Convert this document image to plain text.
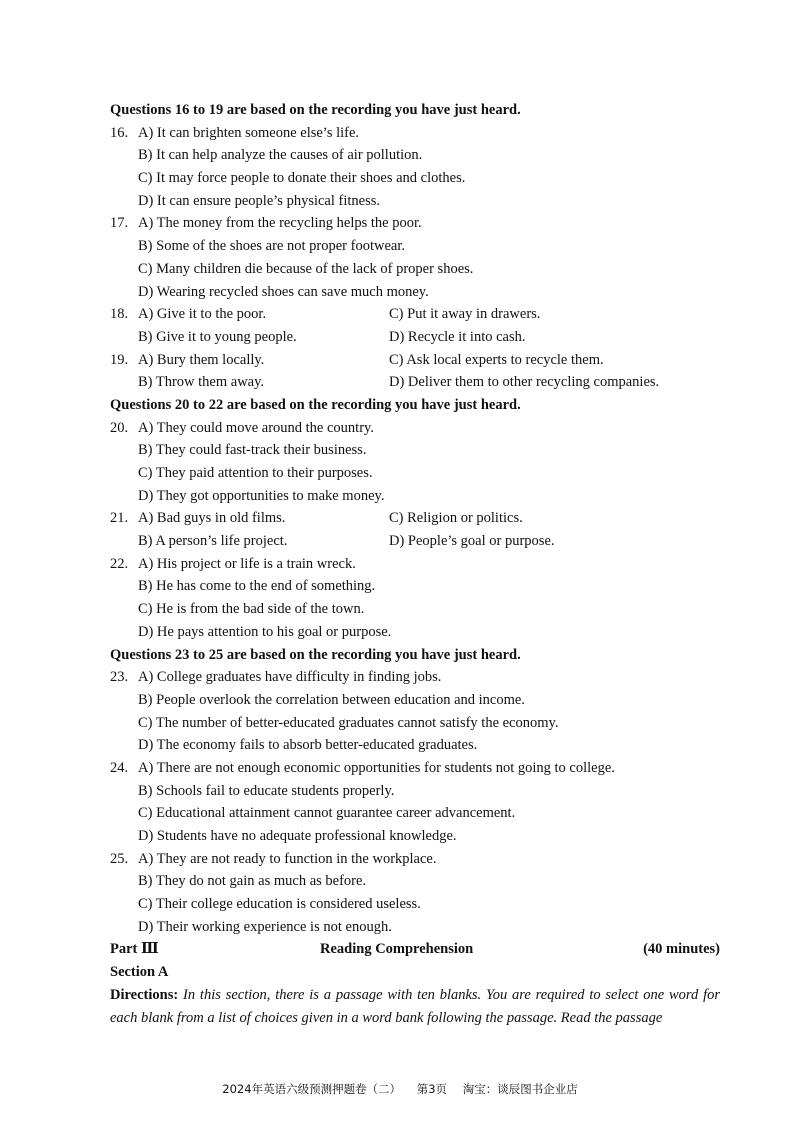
Questions 16 to 19 are based on the recording you have just heard.
16. A) It can brighten someone else’s life.
B) It can help analyze the causes of air pollution.
C) It may force people to donate their shoes and clothes.
D) It can ensure people’s physical fitness.
17. A) The money from the recycling helps the poor.
B) Some of the shoes are not proper footwear.
C) Many children die because of the lack of proper shoes.
D) Wearing recycled shoes can save much money.
18. A) Give it to the poor.	C) Put it away in drawers.
B) Give it to young people.	D) Recycle it into cash.
19. A) Bury them locally.	C) Ask local experts to recycle them.
B) Throw them away.	D) Deliver them to other recycling companies.
Questions 20 to 22 are based on the recording you have just heard.
20. A) They could move around the country.
B) They could fast-track their business.
C) They paid attention to their purposes.
D) They got opportunities to make money.
21. A) Bad guys in old films.	C) Religion or politics.
B) A person’s life project.	D) People’s goal or purpose.
22. A) His project or life is a train wreck.
B) He has come to the end of something.
C) He is from the bad side of the town.
D) He pays attention to his goal or purpose.
Questions 23 to 25 are based on the recording you have just heard.
23. A) College graduates have difficulty in finding jobs.
B) People overlook the correlation between education and income.
C) The number of better-educated graduates cannot satisfy the economy.
D) The economy fails to absorb better-educated graduates.
24. A) There are not enough economic opportunities for students not going to college.
B) Schools fail to educate students properly.
C) Educational attainment cannot guarantee career advancement.
D) Students have no adequate professional knowledge.
25. A) They are not ready to function in the workplace.
B) They do not gain as much as before.
C) Their college education is considered useless.
D) Their working experience is not enough.
Part Ⅲ	Reading Comprehension	(40 minutes)
Section A
Directions: In this section, there is a passage with ten blanks. You are required to select one word for each blank from a list of choices given in a word bank following the passage. Read the passage
2024年英语六级预测押题卷（二） 第3页 淘宝：谈辰图书企业店
